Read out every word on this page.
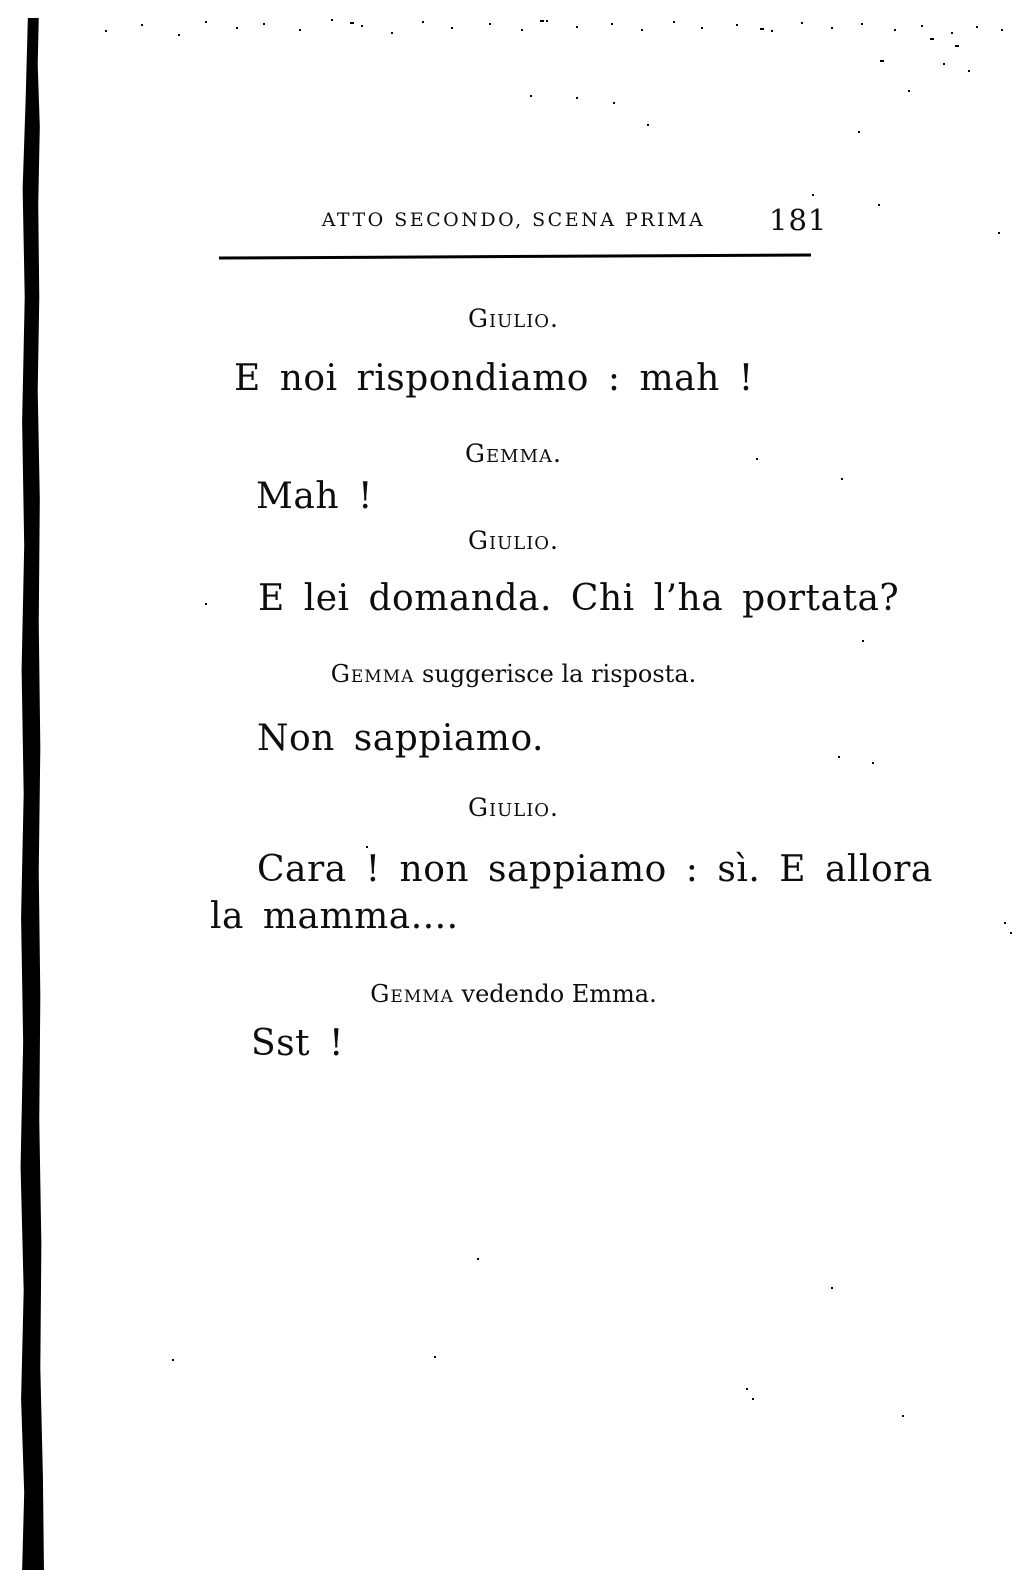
ATTO SECONDO, SCENA PRIMA	181
Giulio.
E noi rispondiamo : mah !
Gemma.
Mah !
Giulio.
E lei domanda. Chi l’ha portata?
Gemma suggerisce la risposta.
Non sappiamo.
Giulio.
Cara ! non sappiamo : sì. E allora
la mamma....
Gemma vedendo Emma.
Sst !
